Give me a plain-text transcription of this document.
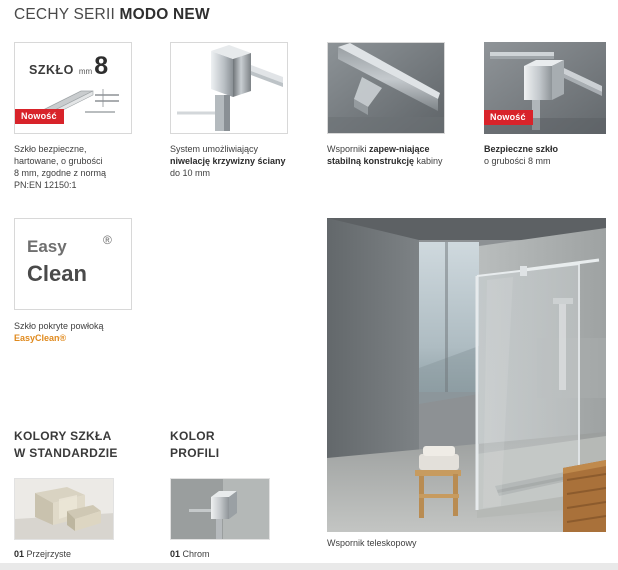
CECHY SERII MODO NEW
SZKŁO mm 8
Nowość
Szkło bezpieczne,
hartowane, o grubości
8 mm, zgodne z normą
PN:EN 12150:1
System umożliwiający niwelację krzywizny ściany do 10 mm
Wsporniki zapew-niające stabilną konstrukcję kabiny
Nowość
Bezpieczne szkło
o grubości 8 mm
Easy	®
Clean
Szkło pokryte powłoką
EasyClean®
Wspornik teleskopowy
KOLORY SZKŁA
W STANDARDZIE
KOLOR
PROFILI
01 Przejrzyste	01 Chrom
